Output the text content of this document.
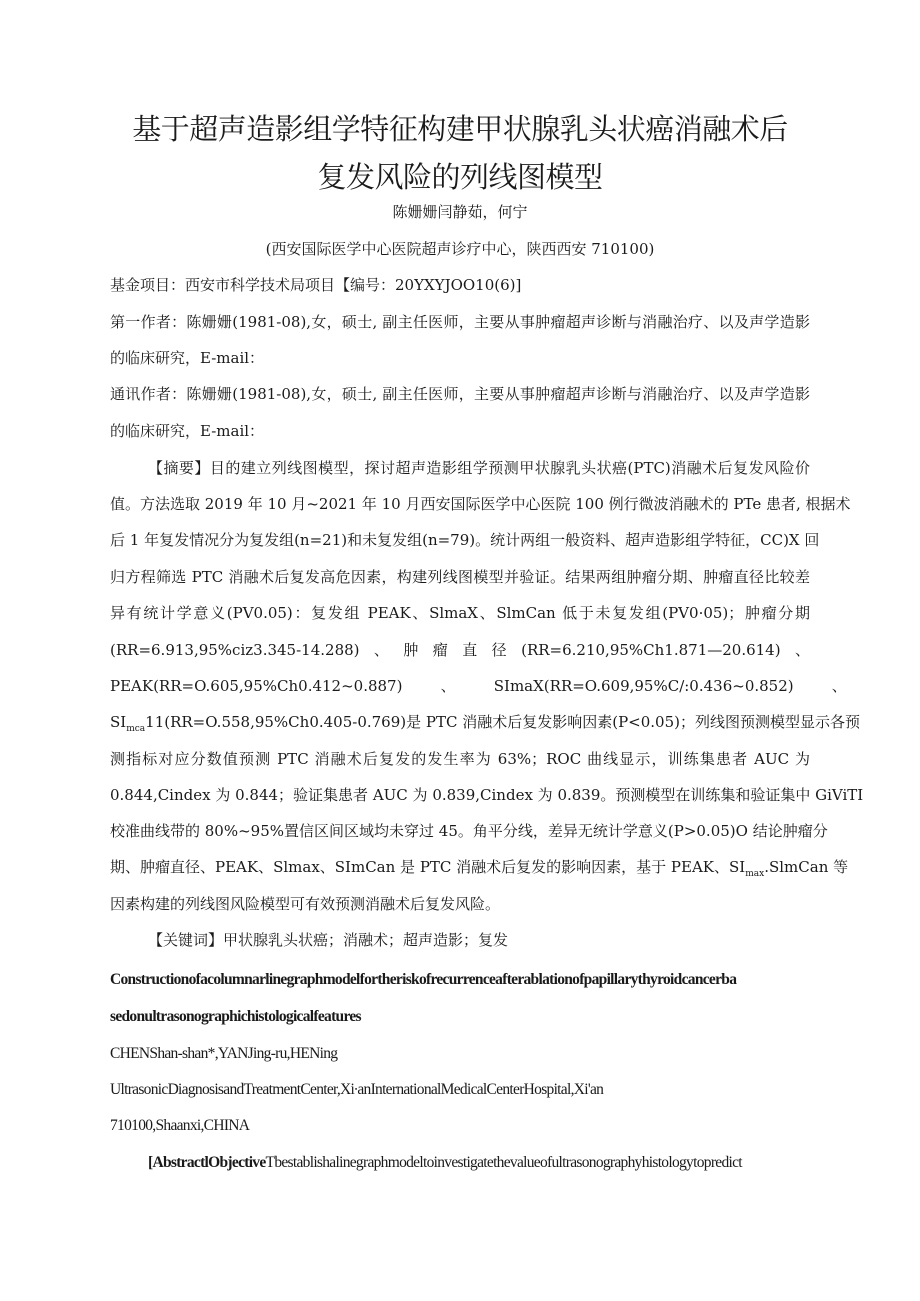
基于超声造影组学特征构建甲状腺乳头状癌消融术后
复发风险的列线图模型
陈姗姗闫静茹，何宁
(西安国际医学中心医院超声诊疗中心，陕西西安 710100)
基金项目：西安市科学技术局项目【编号：20YXYJOO10(6)]
第一作者：陈姗姗(1981-08),女，硕士, 副主任医师，主要从事肿瘤超声诊断与消融治疗、以及声学造影
的临床研究，E-mail：
通讯作者：陈姗姗(1981-08),女，硕士, 副主任医师，主要从事肿瘤超声诊断与消融治疗、以及声学造影
的临床研究，E-mail：
【摘要】目的建立列线图模型，探讨超声造影组学预测甲状腺乳头状癌(PTC)消融术后复发风险价
值。方法选取 2019 年 10 月~2021 年 10 月西安国际医学中心医院 100 例行微波消融术的 PTe 患者, 根据术
后 1 年复发情况分为复发组(n=21)和未复发组(n=79)。统计两组一般资料、超声造影组学特征，CC)X 回
归方程筛选 PTC 消融术后复发高危因素，构建列线图模型并验证。结果两组肿瘤分期、肿瘤直径比较差
异有统计学意义(PV0.05)：复发组 PEAK、SlmaX、SlmCan 低于未复发组(PV0·05)；肿瘤分期
(RR=6.913,95%ciz3.345-14.288)   、   肿   瘤   直   径   (RR=6.210,95%Ch1.871—20.614)   、
PEAK(RR=O.605,95%Ch0.412~0.887)        、        SImaX(RR=O.609,95%C∕:0.436~0.852)        、
$SI_{mca}11(RR=O.558,95\%Ch0.405-0.769)$是 PTC 消融术后复发影响因素(P<0.05)；列线图预测模型显示各预
测指标对应分数值预测 PTC 消融术后复发的发生率为 63%；ROC 曲线显示，训练集患者 AUC 为
0.844,Cindex 为 0.844；验证集患者 AUC 为 0.839,Cindex 为 0.839。预测模型在训练集和验证集中 GiViTI
校准曲线带的 80%~95%置信区间区域均未穿过 45。角平分线，差异无统计学意义(P>0.05)O 结论肿瘤分
期、肿瘤直径、PEAK、Slmax、SImCan 是 PTC 消融术后复发的影响因素，基于 PEAK、$SI_{max}.SlmCan$ 等
因素构建的列线图风险模型可有效预测消融术后复发风险。
【关键词】甲状腺乳头状癌；消融术；超声造影；复发
Constructionofacolumnarlinegraphmodelfortheriskofrecurrenceafterablationofpapillarythyroidcancerba
sedonultrasonographichistologicalfeatures
CHENShan-shan*,YANJing-ru,HENing
UltrasonicDiagnosisandTreatmentCenter,Xi∙anInternationalMedicalCenterHospital,Xi'an
710100,Shaanxi,CHINA
[AbstractlObjectiveTbestablishalinegraphmodeltoinvestigatethevalueofultrasonographyhistologytopredict
